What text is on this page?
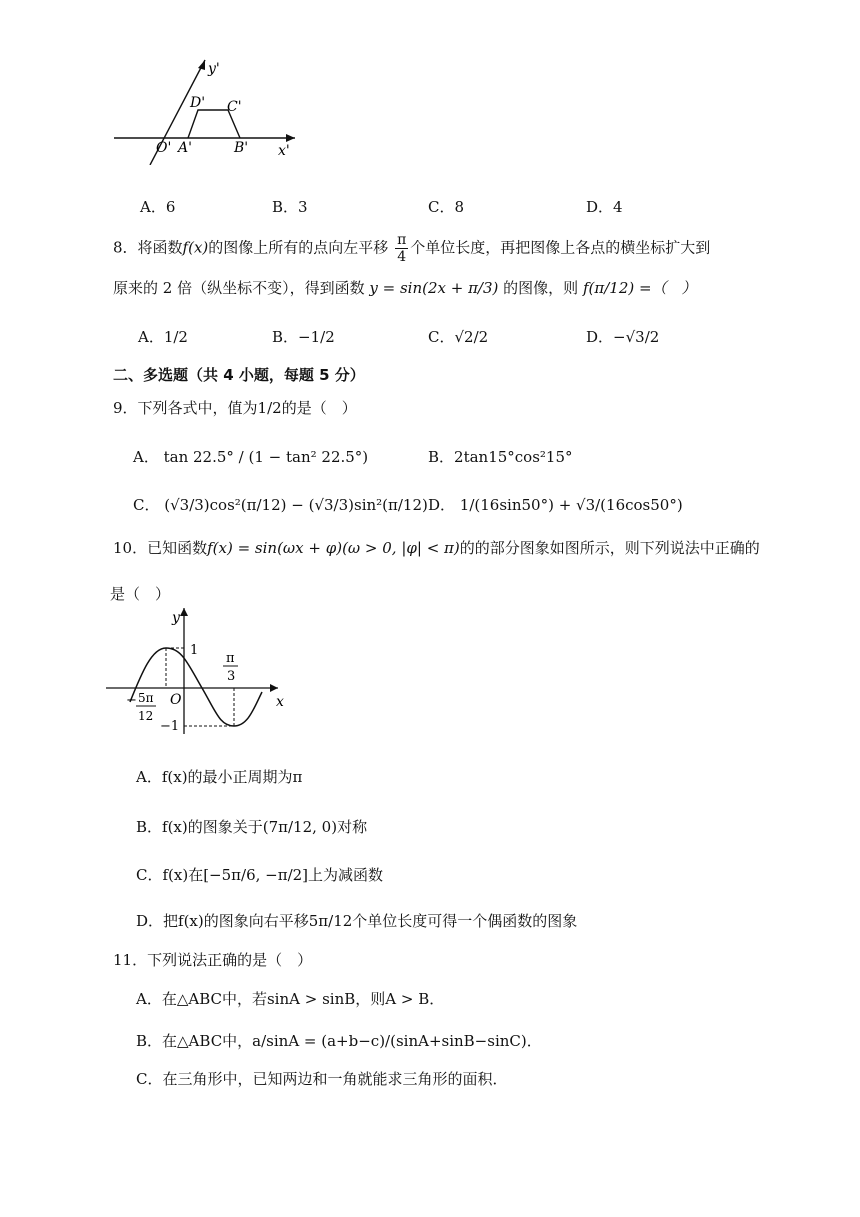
y'
D' C'
O' A'	B' x'
A．6	B．3	C．8	D．4
8．将函数f(x)的图像上所有的点向左平移 $\frac{\pi}{4}$ 个单位长度，再把图像上各点的横坐标扩大到
原来的 2 倍（纵坐标不变），得到函数 y = sin(2x + π/3) 的图像，则 f(π/12) =（　）
A．1/2	B．−1/2	C．√2/2	D．−√3/2
二、多选题（共 4 小题，每题 5 分）
9．下列各式中，值为1/2的是（　）
A． tan 22.5° / (1 − tan² 22.5°)	B．2tan15°cos²15°
C． (√3/3)cos²(π/12) − (√3/3)sin²(π/12) D． 1/(16sin50°) + √3/(16cos50°)
10．已知函数f(x) = sin(ωx + φ)(ω > 0, |φ| < π)的的部分图象如图所示，则下列说法中正确的
是（　）
y
x
1
−1
O
π
3
− 5π
12
A．f(x)的最小正周期为π
B．f(x)的图象关于(7π/12, 0)对称
C．f(x)在[−5π/6, −π/2]上为减函数
D．把f(x)的图象向右平移5π/12个单位长度可得一个偶函数的图象
11．下列说法正确的是（　）
A．在△ABC中，若sinA > sinB，则A > B．
B．在△ABC中，a/sinA = (a+b−c)/(sinA+sinB−sinC)．
C．在三角形中，已知两边和一角就能求三角形的面积．
